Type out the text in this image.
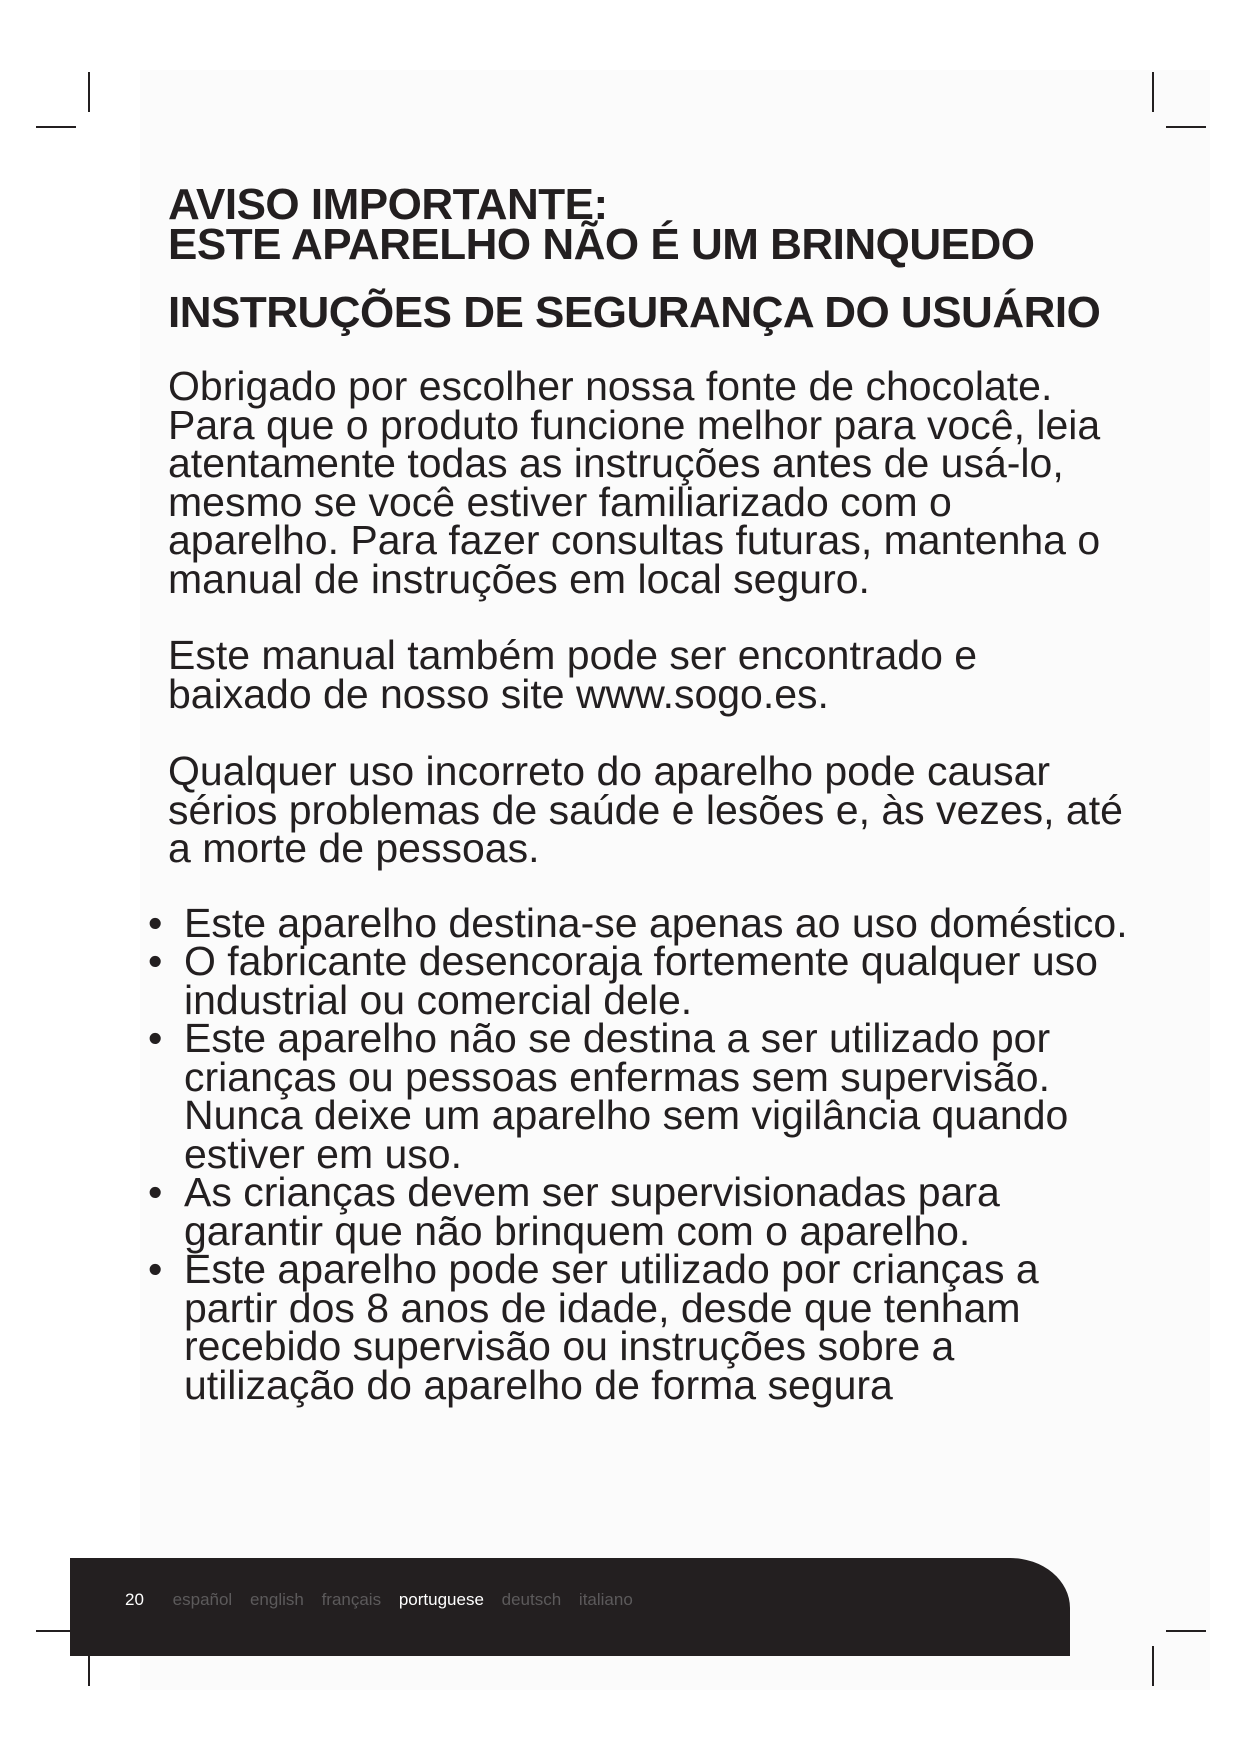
AVISO IMPORTANTE:
ESTE APARELHO NÃO É UM BRINQUEDO
INSTRUÇÕES DE SEGURANÇA DO USUÁRIO

Obrigado por escolher nossa fonte de chocolate. Para que o produto funcione melhor para você, leia atentamente todas as instruções antes de usá-lo, mesmo se você estiver familiarizado com o aparelho. Para fazer consultas futuras, mantenha o manual de instruções em local seguro.

Este manual também pode ser encontrado e baixado de nosso site www.sogo.es.

Qualquer uso incorreto do aparelho pode causar sérios problemas de saúde e lesões e, às vezes, até a morte de pessoas.

• Este aparelho destina-se apenas ao uso doméstico.
• O fabricante desencoraja fortemente qualquer uso industrial ou comercial dele.
• Este aparelho não se destina a ser utilizado por crianças ou pessoas enfermas sem supervisão. Nunca deixe um aparelho sem vigilância quando estiver em uso.
• As crianças devem ser supervisionadas para garantir que não brinquem com o aparelho.
• Este aparelho pode ser utilizado por crianças a partir dos 8 anos de idade, desde que tenham recebido supervisão ou instruções sobre a utilização do aparelho de forma segura
20 español english français portuguese deutsch italiano
